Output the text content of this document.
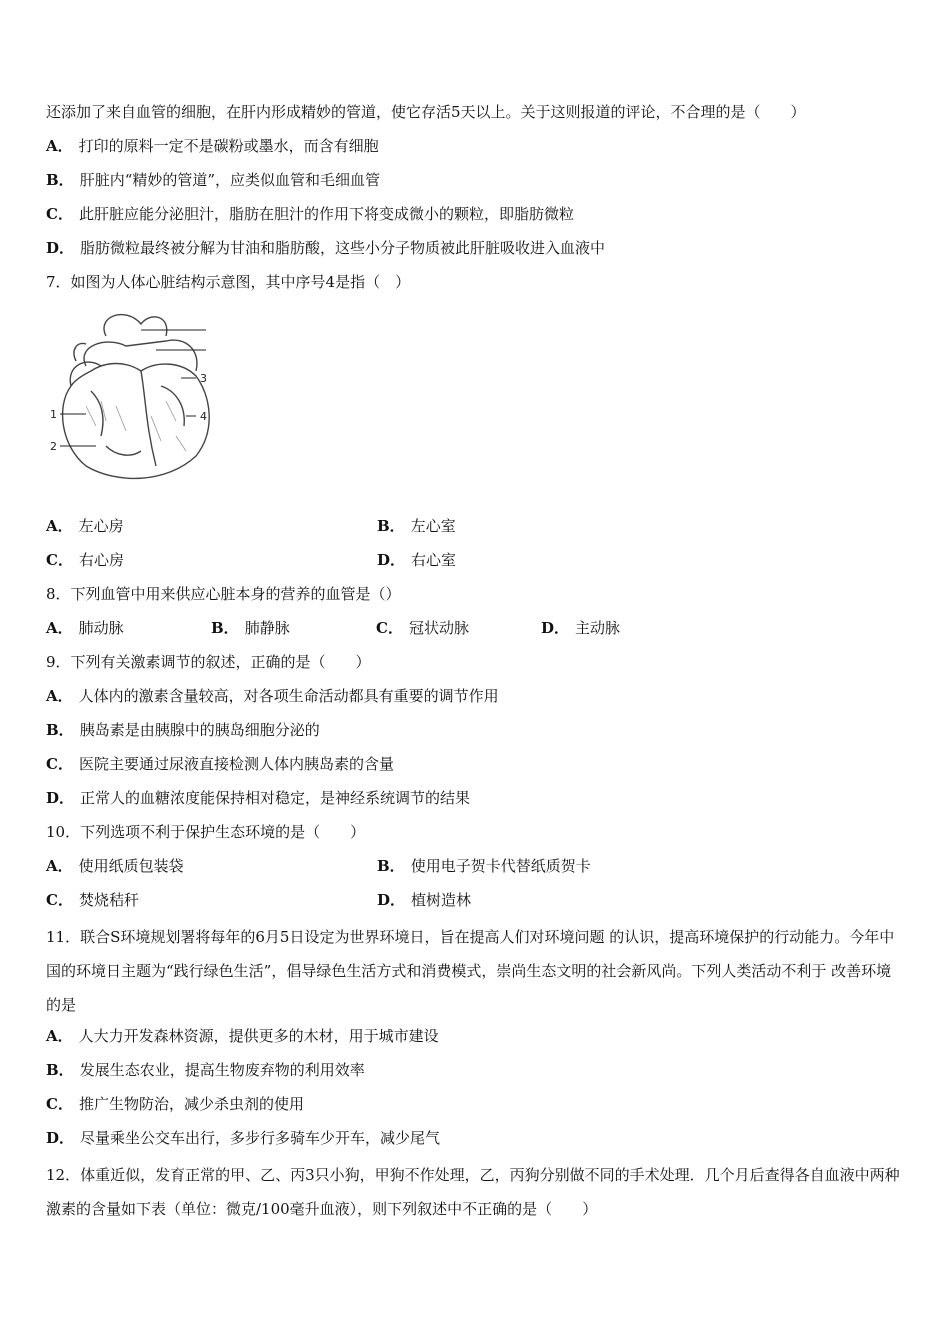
还添加了来自血管的细胞，在肝内形成精妙的管道，使它存活5天以上。关于这则报道的评论，不合理的是（　　）
A． 打印的原料一定不是碳粉或墨水，而含有细胞
B． 肝脏内“精妙的管道”，应类似血管和毛细血管
C． 此肝脏应能分泌胆汁，脂肪在胆汁的作用下将变成微小的颗粒，即脂肪微粒
D． 脂肪微粒最终被分解为甘油和脂肪酸，这些小分子物质被此肝脏吸收进入血液中
7．如图为人体心脏结构示意图，其中序号4是指（　）
1
2
3
4
A． 左心房	B． 左心室
C． 右心房	D． 右心室
8．下列血管中用来供应心脏本身的营养的血管是（）
A． 肺动脉	B． 肺静脉	C． 冠状动脉	D． 主动脉
9．下列有关激素调节的叙述，正确的是（　　）
A． 人体内的激素含量较高，对各项生命活动都具有重要的调节作用
B． 胰岛素是由胰腺中的胰岛细胞分泌的
C． 医院主要通过尿液直接检测人体内胰岛素的含量
D． 正常人的血糖浓度能保持相对稳定，是神经系统调节的结果
10．下列选项不利于保护生态环境的是（　　）
A． 使用纸质包装袋	B． 使用电子贺卡代替纸质贺卡
C． 焚烧秸秆	D． 植树造林
11．联合S环境规划署将每年的6月5日设定为世界环境日，旨在提高人们对环境问题 的认识，提高环境保护的行动能力。今年中国的环境日主题为“践行绿色生活”，倡导绿色生活方式和消费模式，崇尚生态文明的社会新风尚。下列人类活动不利于 改善环境的是
A． 人大力开发森林资源，提供更多的木材，用于城市建设
B． 发展生态农业，提高生物废弃物的利用效率
C． 推广生物防治，减少杀虫剂的使用
D． 尽量乘坐公交车出行，多步行多骑车少开车，减少尾气
12．体重近似，发育正常的甲、乙、丙3只小狗，甲狗不作处理，乙，丙狗分别做不同的手术处理．几个月后查得各自血液中两种激素的含量如下表（单位：微克/100毫升血液），则下列叙述中不正确的是（　　）
